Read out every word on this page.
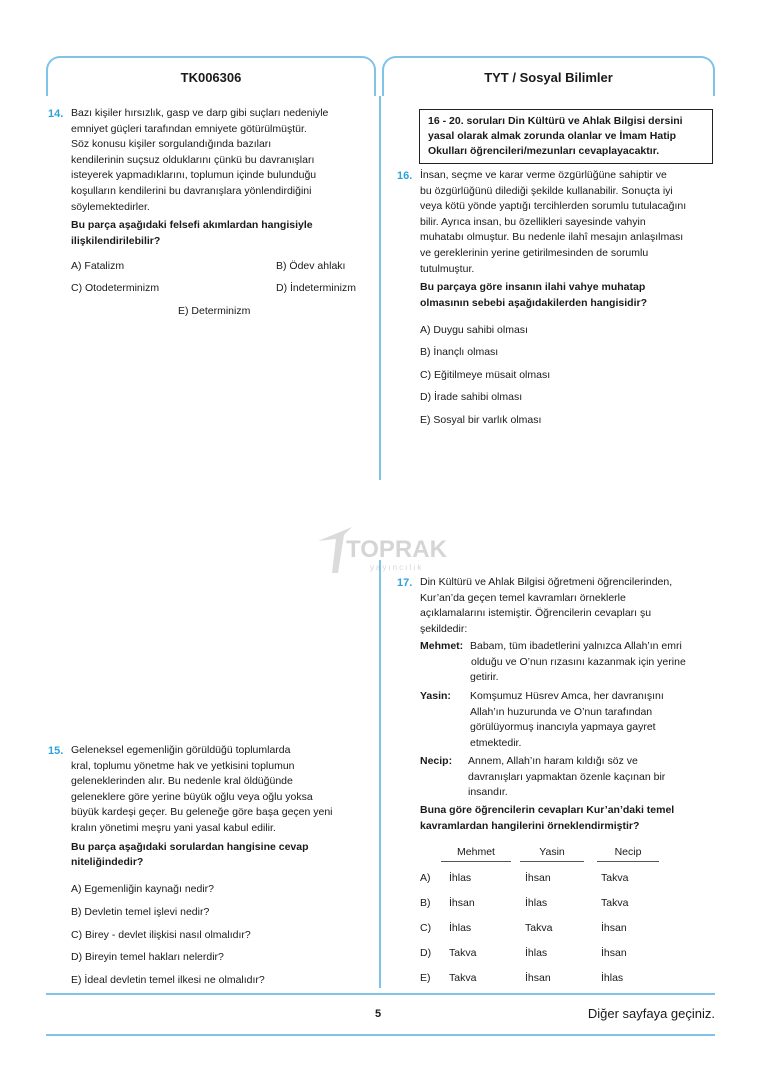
TK006306	TYT / Sosyal Bilimler
14. Bazı kişiler hırsızlık, gasp ve darp gibi suçları nedeniyle

emniyet güçleri tarafından emniyete götürülmüştür.

Söz konusu kişiler sorgulandığında bazıları

kendilerinin suçsuz olduklarını çünkü bu davranışları

isteyerek yapmadıklarını, toplumun içinde bulunduğu

koşulların kendilerini bu davranışlara yönlendirdiğini

söylemektedirler.

Bu parça aşağıdaki felsefi akımlardan hangisiyle

ilişkilendirilebilir?

A) Fatalizm	B) Ödev ahlakı
C) Otodeterminizm	D) İndeterminizm
E) Determinizm
16 - 20. soruları Din Kültürü ve Ahlak Bilgisi dersini
yasal olarak almak zorunda olanlar ve İmam Hatip
Okulları öğrencileri/mezunları cevaplayacaktır.
16. İnsan, seçme ve karar verme özgürlüğüne sahiptir ve

bu özgürlüğünü dilediği şekilde kullanabilir. Sonuçta iyi

veya kötü yönde yaptığı tercihlerden sorumlu tutulacağını

bilir. Ayrıca insan, bu özellikleri sayesinde vahyin

muhatabı olmuştur. Bu nedenle ilahî mesajın anlaşılması

ve gereklerinin yerine getirilmesinden de sorumlu

tutulmuştur.

Bu parçaya göre insanın ilahi vahye muhatap

olmasının sebebi aşağıdakilerden hangisidir?

A) Duygu sahibi olması
B) İnançlı olması
C) Eğitilmeye müsait olması
D) İrade sahibi olması
E) Sosyal bir varlık olması
TOPRAK
yayıncılık
17. Din Kültürü ve Ahlak Bilgisi öğretmeni öğrencilerinden,

Kur’an’da geçen temel kavramları örneklerle

açıklamalarını istemiştir. Öğrencilerin cevapları şu

şekildedir:

Mehmet: Babam, tüm ibadetlerini yalnızca Allah’ın emri
olduğu ve O’nun rızasını kazanmak için yerine
getirir.
Yasin: Komşumuz Hüsrev Amca, her davranışını
Allah’ın huzurunda ve O’nun tarafından
görülüyormuş inancıyla yapmaya gayret
etmektedir.
Necip: Annem, Allah’ın haram kıldığı söz ve
davranışları yapmaktan özenle kaçınan bir
insandır.

Buna göre öğrencilerin cevapları Kur’an’daki temel

kavramlardan hangilerini örneklendirmiştir?

Mehmet	Yasin	Necip
A) İhlas	İhsan	Takva
B) İhsan	İhlas	Takva
C) İhlas	Takva	İhsan
D) Takva	İhlas	İhsan
E) Takva	İhsan	İhlas
15. Geleneksel egemenliğin görüldüğü toplumlarda

kral, toplumu yönetme hak ve yetkisini toplumun

geleneklerinden alır. Bu nedenle kral öldüğünde

geleneklere göre yerine büyük oğlu veya oğlu yoksa

büyük kardeşi geçer. Bu geleneğe göre başa geçen yeni

kralın yönetimi meşru yani yasal kabul edilir.

Bu parça aşağıdaki sorulardan hangisine cevap

niteliğindedir?

A) Egemenliğin kaynağı nedir?
B) Devletin temel işlevi nedir?
C) Birey - devlet ilişkisi nasıl olmalıdır?
D) Bireyin temel hakları nelerdir?
E) İdeal devletin temel ilkesi ne olmalıdır?
5	Diğer sayfaya geçiniz.
